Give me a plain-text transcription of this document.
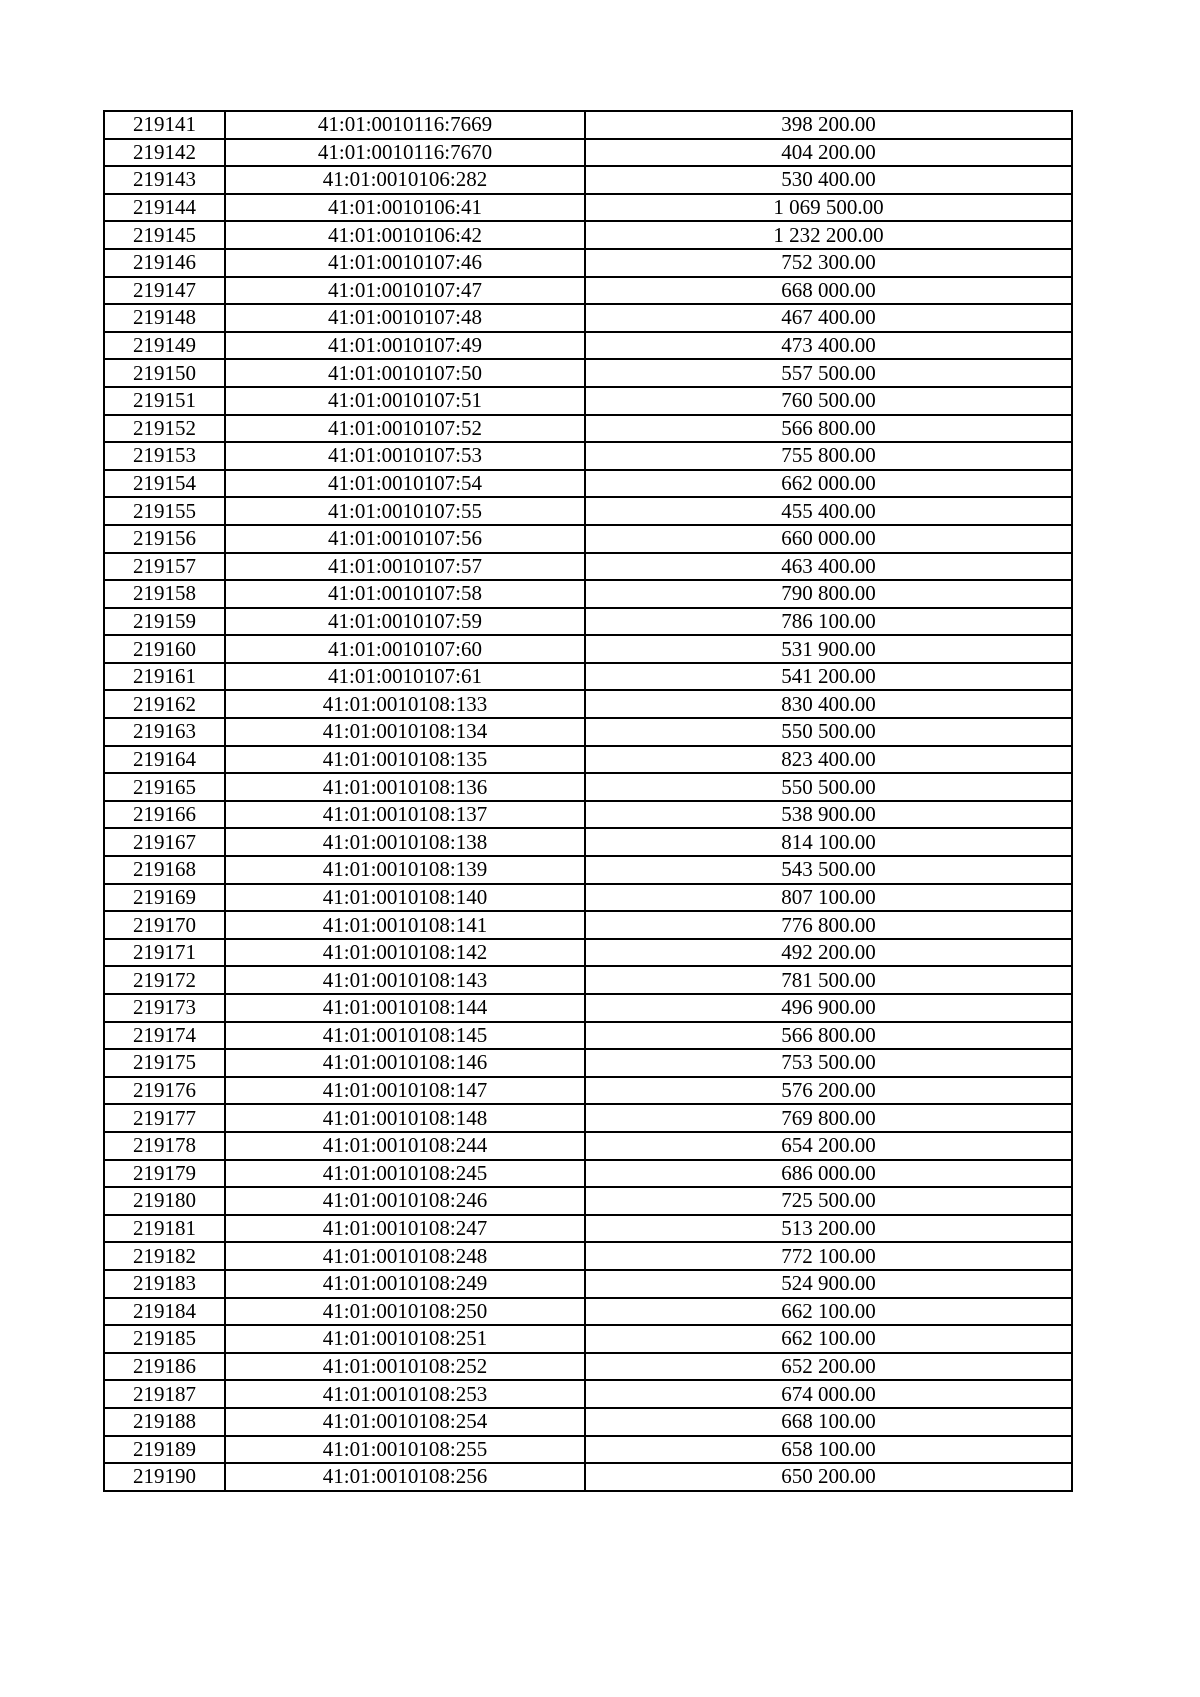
219141	41:01:0010116:7669	398 200.00
219142	41:01:0010116:7670	404 200.00
219143	41:01:0010106:282	530 400.00
219144	41:01:0010106:41	1 069 500.00
219145	41:01:0010106:42	1 232 200.00
219146	41:01:0010107:46	752 300.00
219147	41:01:0010107:47	668 000.00
219148	41:01:0010107:48	467 400.00
219149	41:01:0010107:49	473 400.00
219150	41:01:0010107:50	557 500.00
219151	41:01:0010107:51	760 500.00
219152	41:01:0010107:52	566 800.00
219153	41:01:0010107:53	755 800.00
219154	41:01:0010107:54	662 000.00
219155	41:01:0010107:55	455 400.00
219156	41:01:0010107:56	660 000.00
219157	41:01:0010107:57	463 400.00
219158	41:01:0010107:58	790 800.00
219159	41:01:0010107:59	786 100.00
219160	41:01:0010107:60	531 900.00
219161	41:01:0010107:61	541 200.00
219162	41:01:0010108:133	830 400.00
219163	41:01:0010108:134	550 500.00
219164	41:01:0010108:135	823 400.00
219165	41:01:0010108:136	550 500.00
219166	41:01:0010108:137	538 900.00
219167	41:01:0010108:138	814 100.00
219168	41:01:0010108:139	543 500.00
219169	41:01:0010108:140	807 100.00
219170	41:01:0010108:141	776 800.00
219171	41:01:0010108:142	492 200.00
219172	41:01:0010108:143	781 500.00
219173	41:01:0010108:144	496 900.00
219174	41:01:0010108:145	566 800.00
219175	41:01:0010108:146	753 500.00
219176	41:01:0010108:147	576 200.00
219177	41:01:0010108:148	769 800.00
219178	41:01:0010108:244	654 200.00
219179	41:01:0010108:245	686 000.00
219180	41:01:0010108:246	725 500.00
219181	41:01:0010108:247	513 200.00
219182	41:01:0010108:248	772 100.00
219183	41:01:0010108:249	524 900.00
219184	41:01:0010108:250	662 100.00
219185	41:01:0010108:251	662 100.00
219186	41:01:0010108:252	652 200.00
219187	41:01:0010108:253	674 000.00
219188	41:01:0010108:254	668 100.00
219189	41:01:0010108:255	658 100.00
219190	41:01:0010108:256	650 200.00
